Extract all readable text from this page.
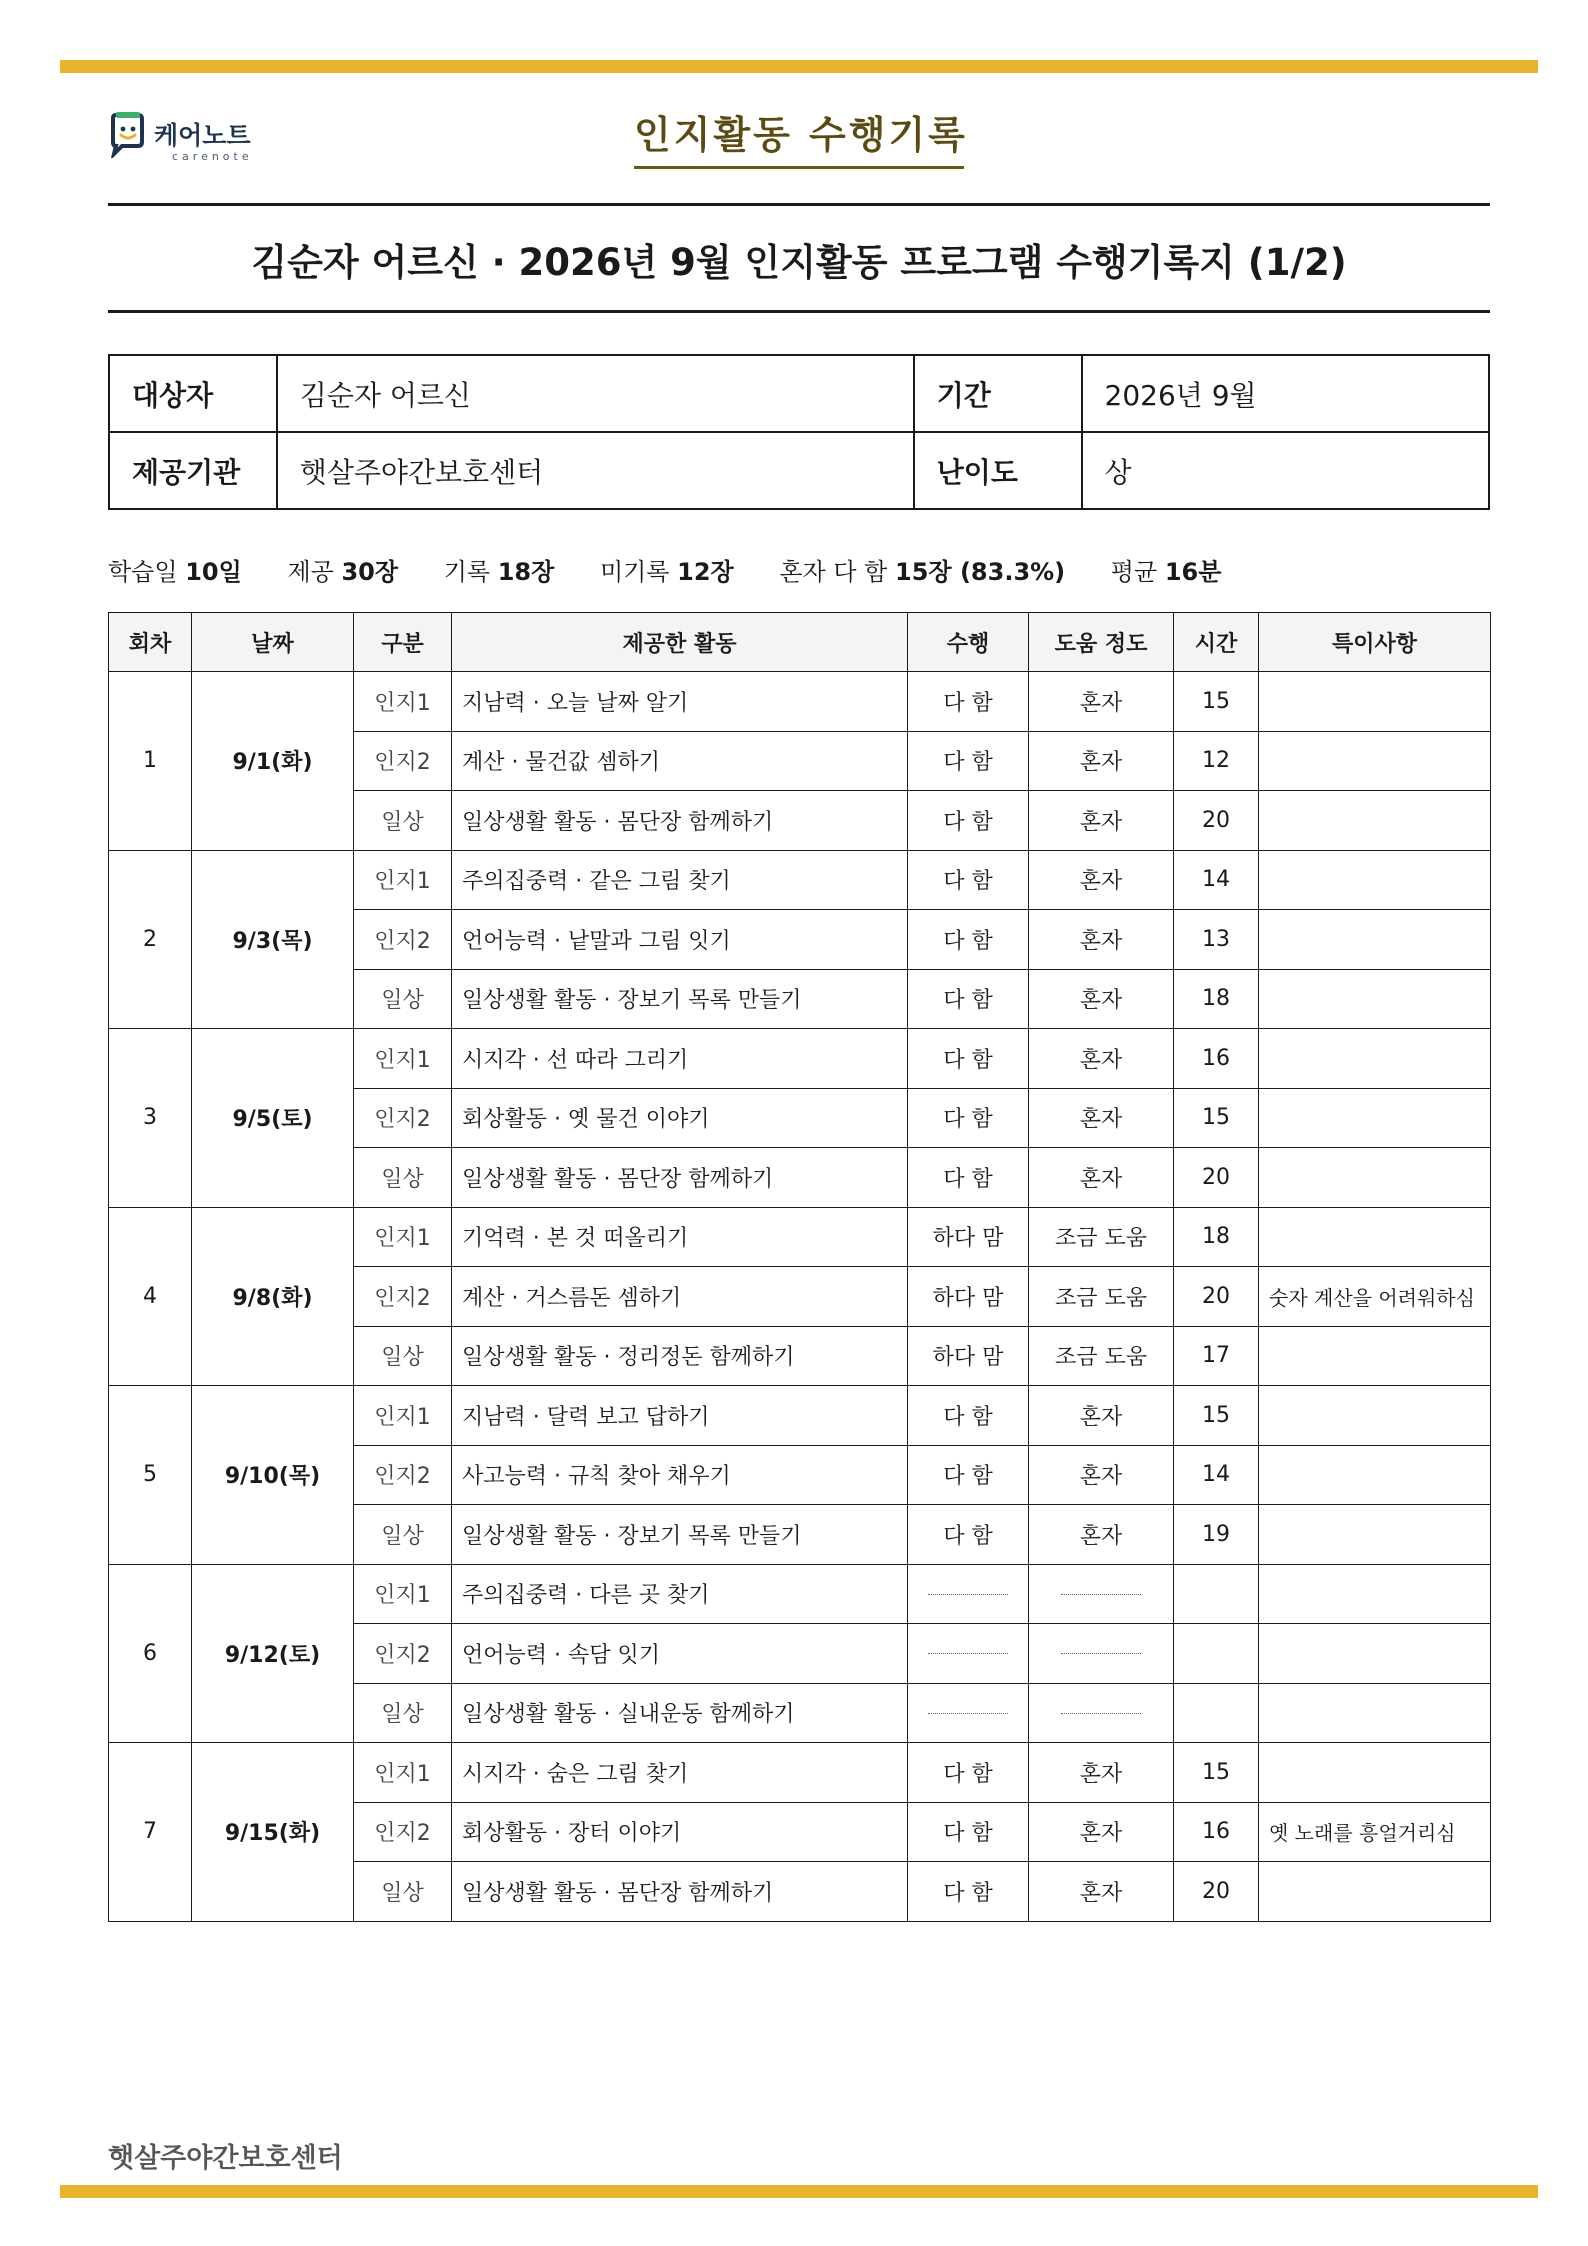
케어노트
carenote	인지활동 수행기록
김순자 어르신 · 2026년 9월 인지활동 프로그램 수행기록지 (1/2)
대상자	김순자 어르신	기간	2026년 9월
제공기관	햇살주야간보호센터	난이도	상
학습일 10일 제공 30장 기록 18장 미기록 12장 혼자 다 함 15장 (83.3%) 평균 16분
회차	날짜	구분	제공한 활동	수행	도움 정도	시간	특이사항
1	9/1(화)	인지1	지남력 · 오늘 날짜 알기	다 함	혼자	15	
		인지2	계산 · 물건값 셈하기	다 함	혼자	12	
		일상	일상생활 활동 · 몸단장 함께하기	다 함	혼자	20	
2	9/3(목)	인지1	주의집중력 · 같은 그림 찾기	다 함	혼자	14	
		인지2	언어능력 · 낱말과 그림 잇기	다 함	혼자	13	
		일상	일상생활 활동 · 장보기 목록 만들기	다 함	혼자	18	
3	9/5(토)	인지1	시지각 · 선 따라 그리기	다 함	혼자	16	
		인지2	회상활동 · 옛 물건 이야기	다 함	혼자	15	
		일상	일상생활 활동 · 몸단장 함께하기	다 함	혼자	20	
4	9/8(화)	인지1	기억력 · 본 것 떠올리기	하다 맘	조금 도움	18	
		인지2	계산 · 거스름돈 셈하기	하다 맘	조금 도움	20	숫자 계산을 어려워하심
		일상	일상생활 활동 · 정리정돈 함께하기	하다 맘	조금 도움	17	
5	9/10(목)	인지1	지남력 · 달력 보고 답하기	다 함	혼자	15	
		인지2	사고능력 · 규칙 찾아 채우기	다 함	혼자	14	
		일상	일상생활 활동 · 장보기 목록 만들기	다 함	혼자	19	
6	9/12(토)	인지1	주의집중력 · 다른 곳 찾기				
		인지2	언어능력 · 속담 잇기				
		일상	일상생활 활동 · 실내운동 함께하기				
7	9/15(화)	인지1	시지각 · 숨은 그림 찾기	다 함	혼자	15	
		인지2	회상활동 · 장터 이야기	다 함	혼자	16	옛 노래를 흥얼거리심
		일상	일상생활 활동 · 몸단장 함께하기	다 함	혼자	20	
햇살주야간보호센터
